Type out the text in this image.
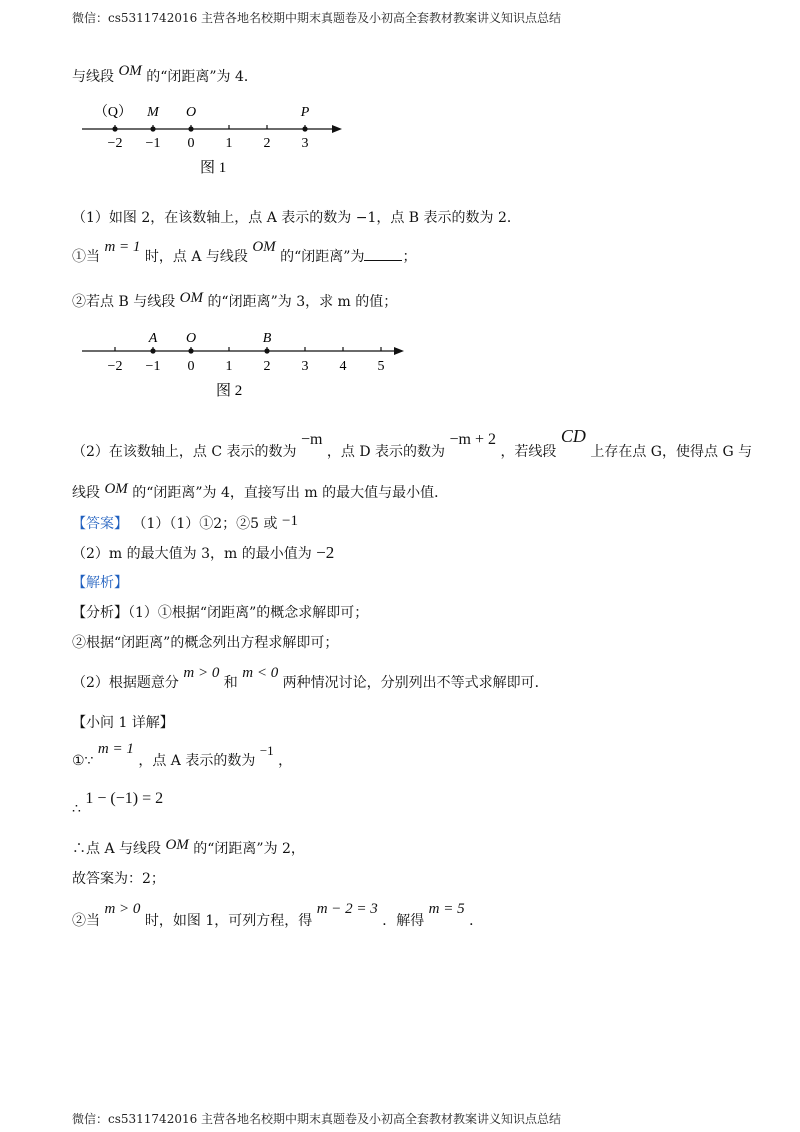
微信：cs5311742016 主营各地名校期中期末真题卷及小初高全套教材教案讲义知识点总结
与线段 OM 的“闭距离”为 4．
−2 −1 0 1 2 3
（Q） M O	P
图 1
（1）如图 2，在该数轴上，点 A 表示的数为 −1，点 B 表示的数为 2．
①当 m = 1 时，点 A 与线段 OM 的“闭距离”为	；
②若点 B 与线段 OM 的“闭距离”为 3，求 m 的值；
−2 −1 0 1 2 3 4 5
A O	B
图 2
（2）在该数轴上，点 C 表示的数为 −m ，点 D 表示的数为 −m + 2 ，若线段 CD 上存在点 G，使得点 G 与
线段 OM 的“闭距离”为 4，直接写出 m 的最大值与最小值．
【答案】 （1）（1）①2；②5 或 −1
（2）m 的最大值为 3，m 的最小值为 −2
【解析】
【分析】（1）①根据“闭距离”的概念求解即可；
②根据“闭距离”的概念列出方程求解即可；
（2）根据题意分 m > 0 和 m < 0 两种情况讨论，分别列出不等式求解即可．
【小问 1 详解】
①∵ m = 1 ，点 A 表示的数为 −1 ，
∴ 1 − (−1) = 2
∴点 A 与线段 OM 的“闭距离”为 2，
故答案为：2；
②当 m > 0 时，如图 1，可列方程，得 m − 2 = 3 ．解得 m = 5 ．
微信：cs5311742016 主营各地名校期中期末真题卷及小初高全套教材教案讲义知识点总结
